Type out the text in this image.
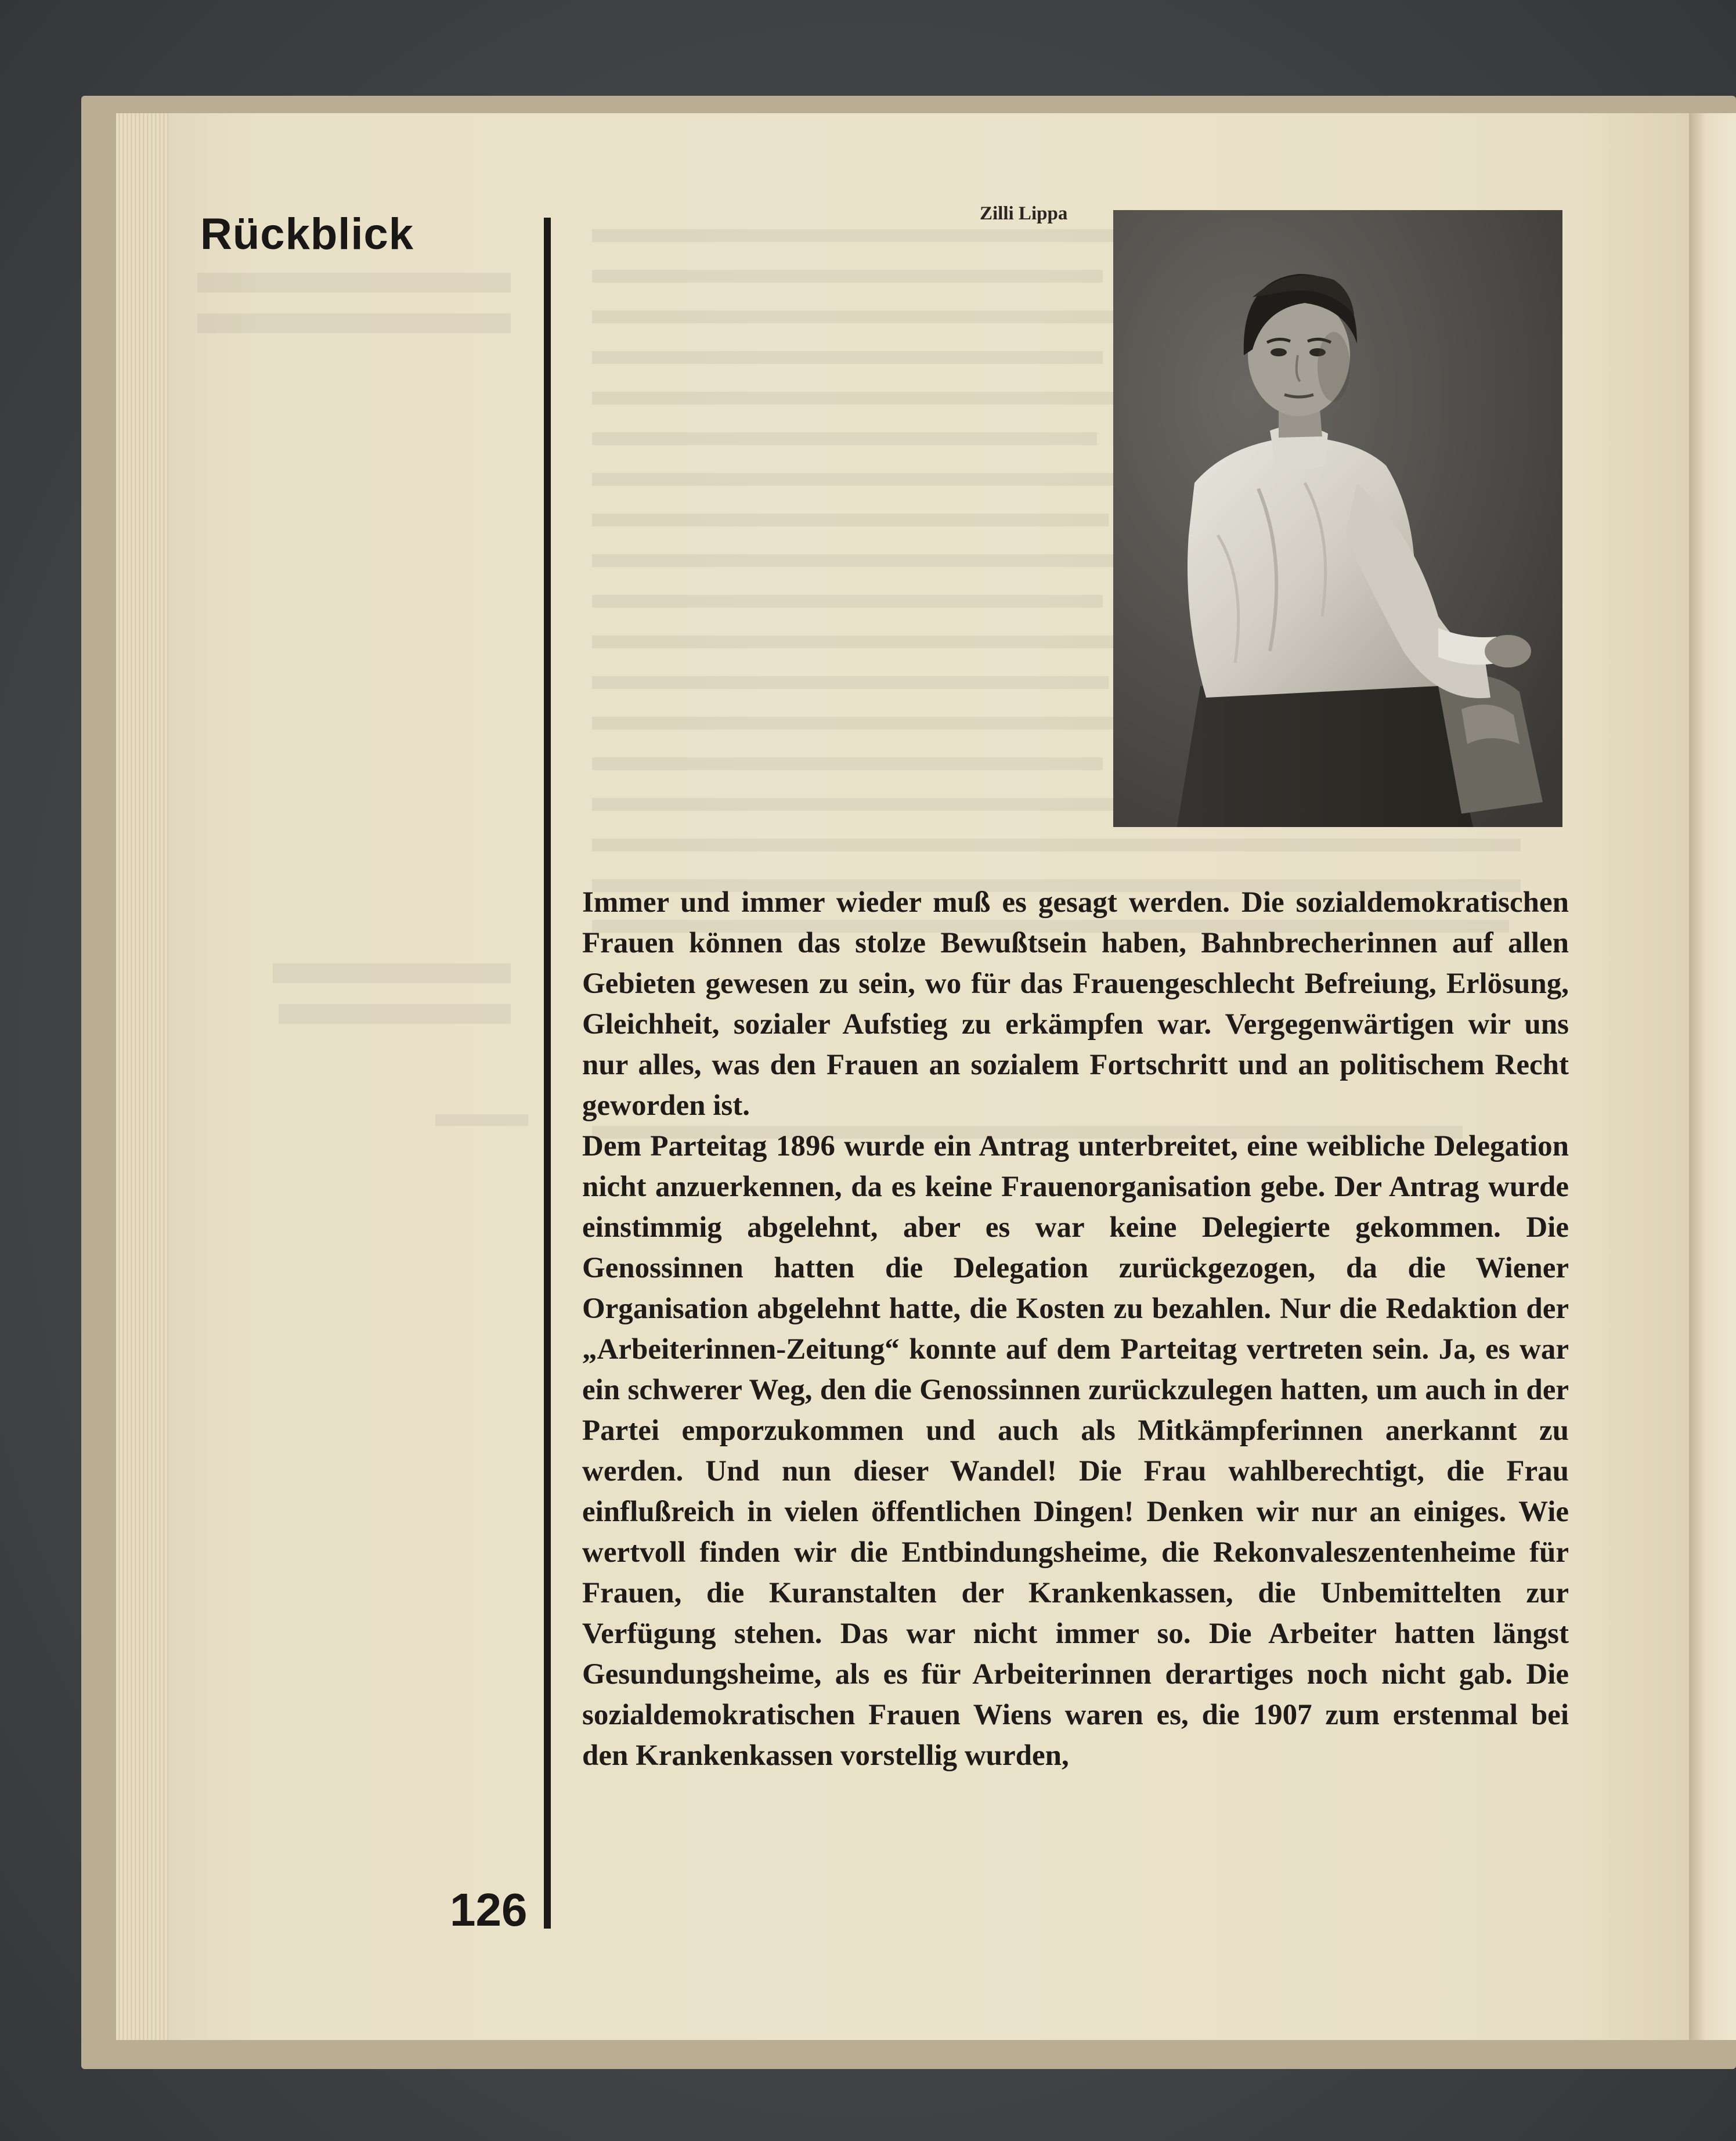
Rückblick	Zilli Lippa

Immer und immer wieder muß es gesagt werden. Die sozialdemokratischen Frauen können das stolze Bewußtsein haben, Bahnbrecherinnen auf allen Gebieten gewesen zu sein, wo für das Frauengeschlecht Befreiung, Erlösung, Gleichheit, sozialer Aufstieg zu erkämpfen war. Vergegenwärtigen wir uns nur alles, was den Frauen an sozialem Fortschritt und an politischem Recht geworden ist.

Dem Parteitag 1896 wurde ein Antrag unterbreitet, eine weibliche Delegation nicht anzuerkennen, da es keine Frauenorganisation gebe. Der Antrag wurde einstimmig abgelehnt, aber es war keine Delegierte gekommen. Die Genossinnen hatten die Delegation zurückgezogen, da die Wiener Organisation abgelehnt hatte, die Kosten zu bezahlen. Nur die Redaktion der „Arbeiterinnen-Zeitung“ konnte auf dem Parteitag vertreten sein. Ja, es war ein schwerer Weg, den die Genossinnen zurückzulegen hatten, um auch in der Partei emporzukommen und auch als Mitkämpferinnen anerkannt zu werden. Und nun dieser Wandel! Die Frau wahlberechtigt, die Frau einflußreich in vielen öffentlichen Dingen! Denken wir nur an einiges. Wie wertvoll finden wir die Entbindungsheime, die Rekonvaleszentenheime für Frauen, die Kuranstalten der Krankenkassen, die Unbemittelten zur Verfügung stehen. Das war nicht immer so. Die Arbeiter hatten längst Gesundungsheime, als es für Arbeiterinnen derartiges noch nicht gab. Die sozialdemokratischen Frauen Wiens waren es, die 1907 zum erstenmal bei den Krankenkassen vorstellig wurden,

126
